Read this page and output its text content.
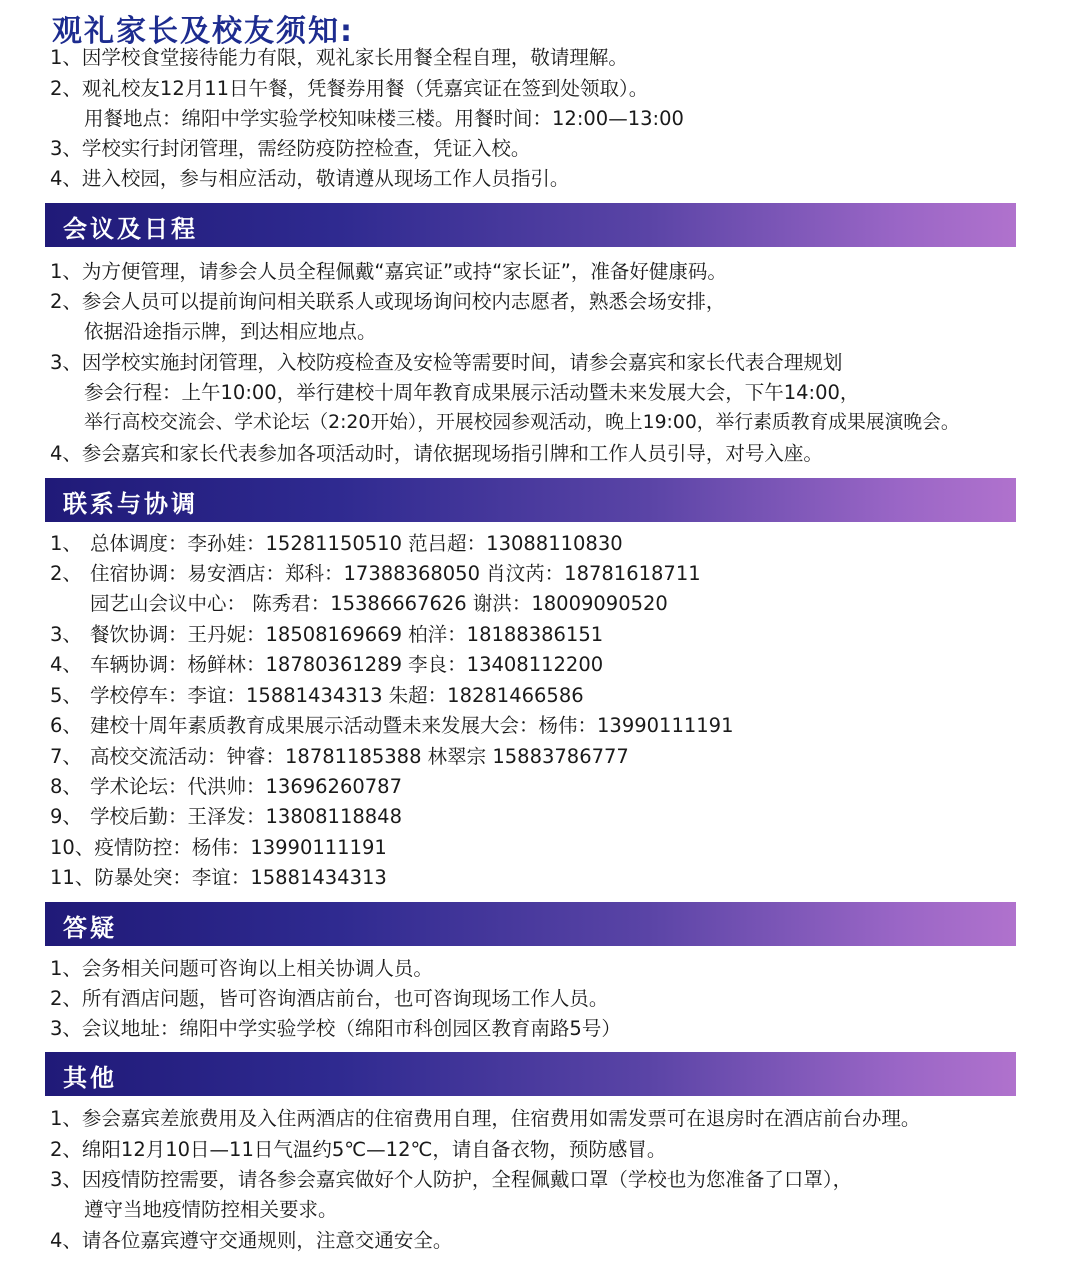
观礼家长及校友须知:
1、因学校食堂接待能力有限，观礼家长用餐全程自理，敬请理解。
2、观礼校友12月11日午餐，凭餐券用餐（凭嘉宾证在签到处领取）。
用餐地点：绵阳中学实验学校知味楼三楼。用餐时间：12:00—13:00
3、学校实行封闭管理，需经防疫防控检查，凭证入校。
4、进入校园，参与相应活动，敬请遵从现场工作人员指引。
会议及日程
1、为方便管理，请参会人员全程佩戴“嘉宾证”或持“家长证”，准备好健康码。
2、参会人员可以提前询问相关联系人或现场询问校内志愿者，熟悉会场安排，
依据沿途指示牌，到达相应地点。
3、因学校实施封闭管理，入校防疫检查及安检等需要时间，请参会嘉宾和家长代表合理规划
参会行程：上午10:00，举行建校十周年教育成果展示活动暨未来发展大会，下午14:00，
举行高校交流会、学术论坛（2:20开始），开展校园参观活动，晚上19:00，举行素质教育成果展演晚会。
4、参会嘉宾和家长代表参加各项活动时，请依据现场指引牌和工作人员引导，对号入座。
联系与协调
1、 总体调度：李孙娃：15281150510 范吕超：13088110830
2、 住宿协调：易安酒店：郑科：17388368050 肖汶芮：18781618711
园艺山会议中心： 陈秀君：15386667626 谢洪：18009090520
3、 餐饮协调：王丹妮：18508169669 柏洋：18188386151
4、 车辆协调：杨鲜林：18780361289 李良：13408112200
5、 学校停车：李谊：15881434313 朱超：18281466586
6、 建校十周年素质教育成果展示活动暨未来发展大会：杨伟：13990111191
7、 高校交流活动：钟睿：18781185388 林翠宗 15883786777
8、 学术论坛：代洪帅：13696260787
9、 学校后勤：王泽发：13808118848
10、疫情防控：杨伟：13990111191
11、防暴处突：李谊：15881434313
答疑
1、会务相关问题可咨询以上相关协调人员。
2、所有酒店问题，皆可咨询酒店前台，也可咨询现场工作人员。
3、会议地址：绵阳中学实验学校（绵阳市科创园区教育南路5号）
其他
1、参会嘉宾差旅费用及入住两酒店的住宿费用自理，住宿费用如需发票可在退房时在酒店前台办理。
2、绵阳12月10日—11日气温约5℃—12℃，请自备衣物，预防感冒。
3、因疫情防控需要，请各参会嘉宾做好个人防护，全程佩戴口罩（学校也为您准备了口罩），
遵守当地疫情防控相关要求。
4、请各位嘉宾遵守交通规则，注意交通安全。
